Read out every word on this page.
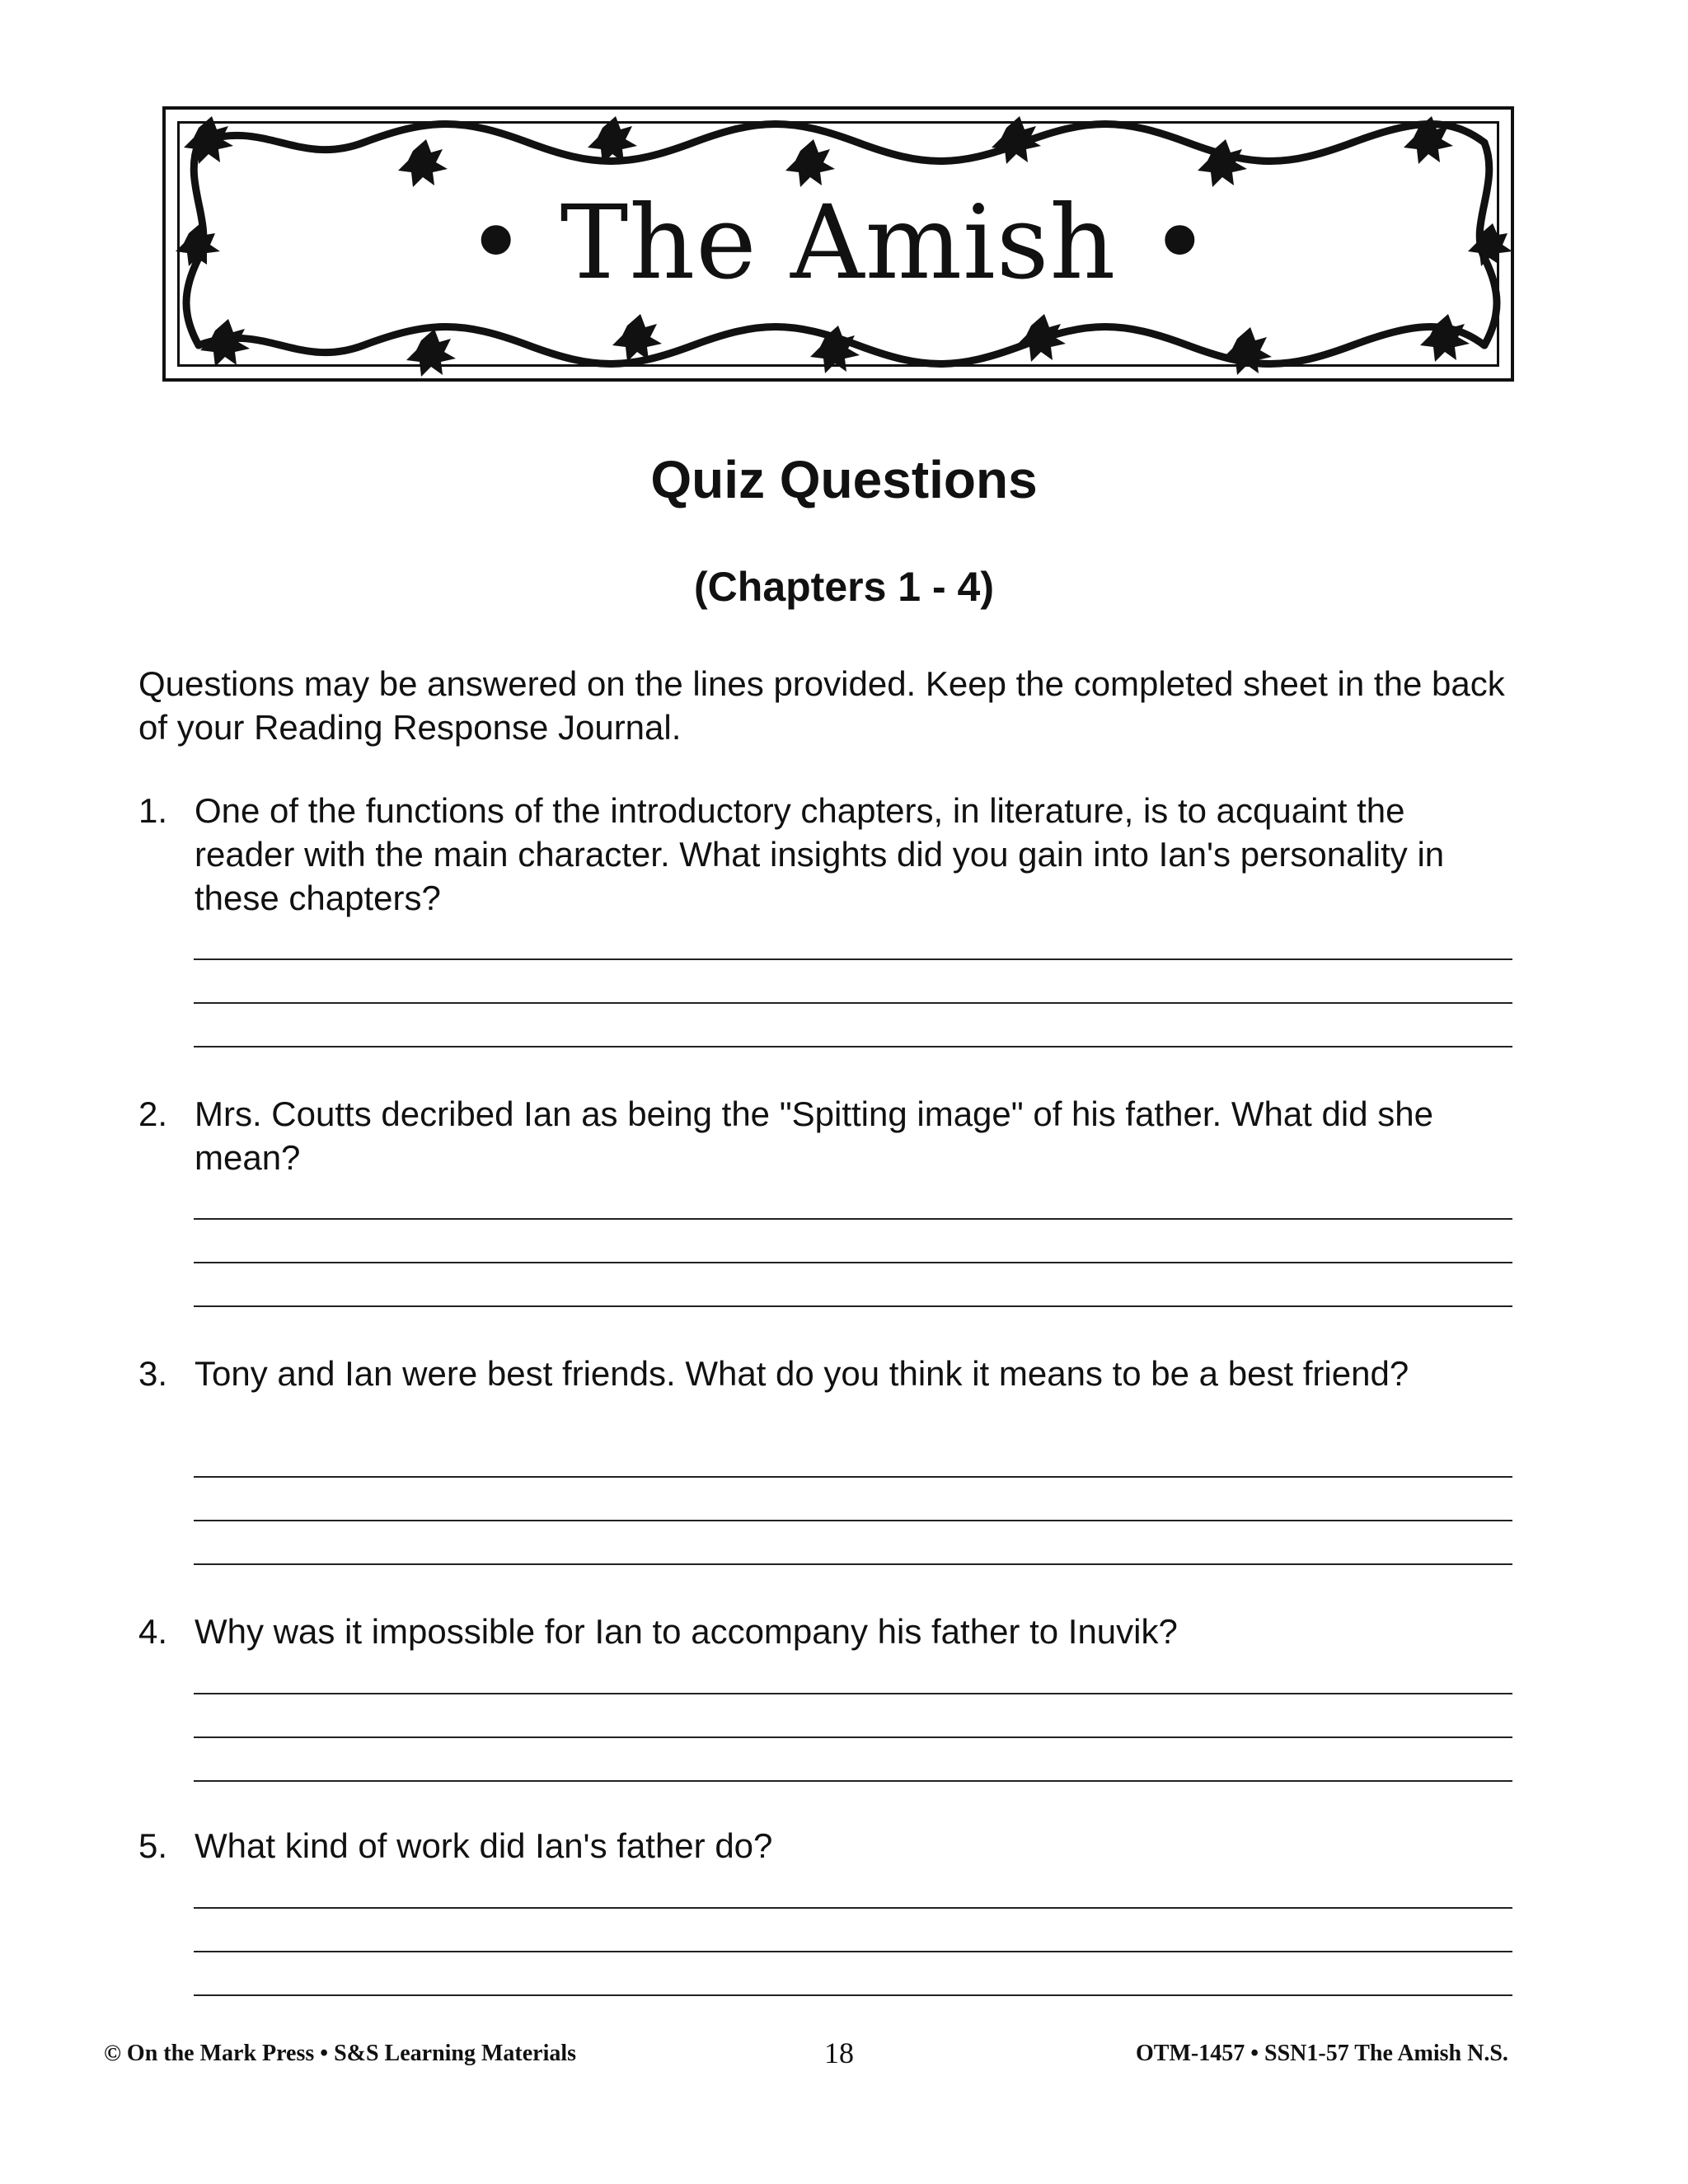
• The Amish •
Quiz Questions
(Chapters 1 - 4)

Questions may be answered on the lines provided. Keep the completed sheet in the back of your Reading Response Journal.

1. One of the functions of the introductory chapters, in literature, is to acquaint the reader with the main character. What insights did you gain into Ian's personality in these chapters?

2. Mrs. Coutts decribed Ian as being the "Spitting image" of his father. What did she mean?

3. Tony and Ian were best friends. What do you think it means to be a best friend?

4. Why was it impossible for Ian to accompany his father to Inuvik?

5. What kind of work did Ian's father do?

© On the Mark Press • S&S Learning Materials	18	OTM-1457 • SSN1-57 The Amish N.S.
